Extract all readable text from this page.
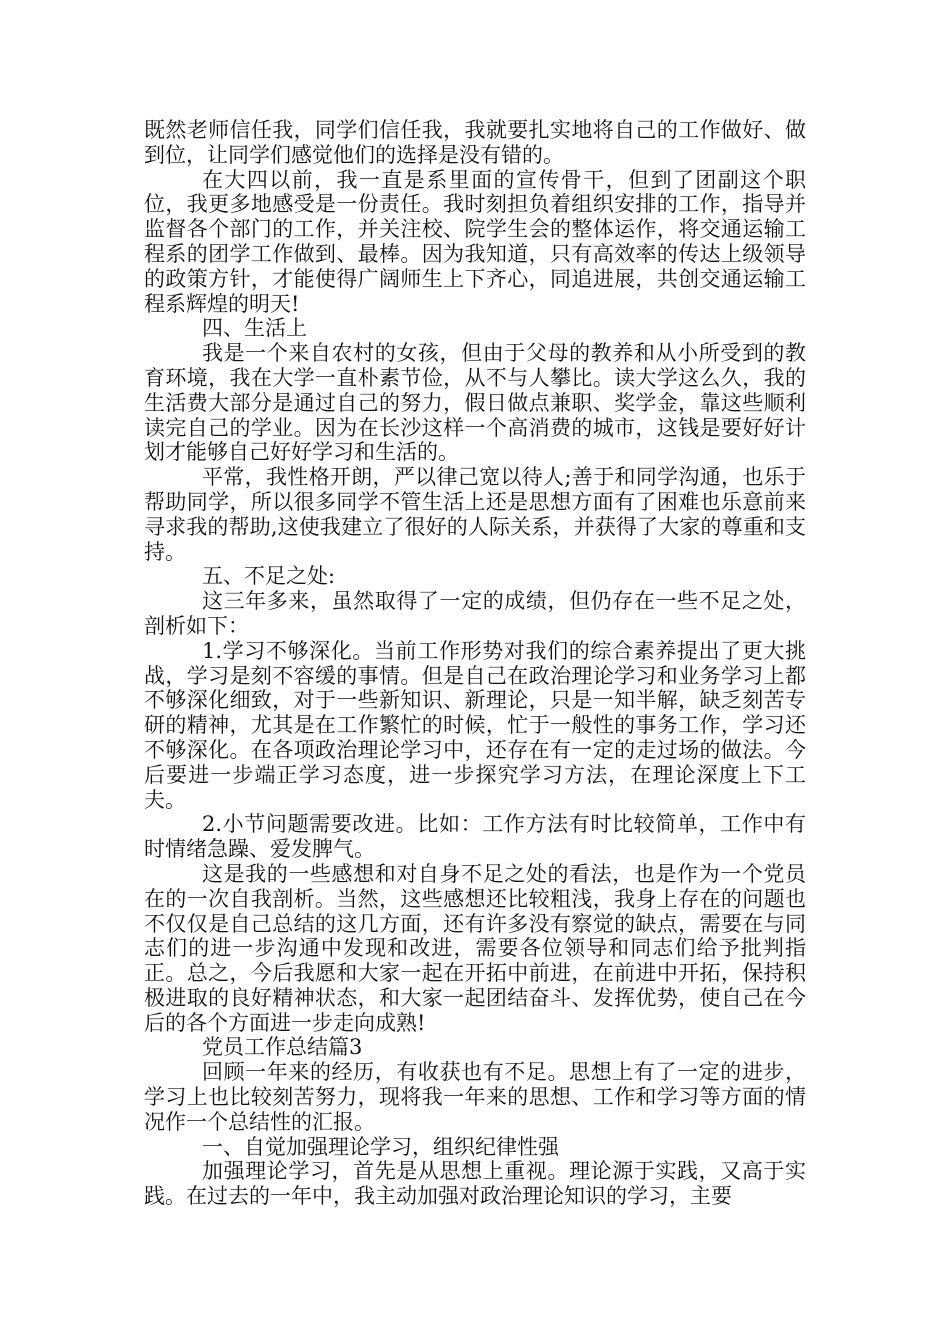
既然老师信任我，同学们信任我，我就要扎实地将自己的工作做好、做到位，让同学们感觉他们的选择是没有错的。

在大四以前，我一直是系里面的宣传骨干，但到了团副这个职位，我更多地感受是一份责任。我时刻担负着组织安排的工作，指导并监督各个部门的工作，并关注校、院学生会的整体运作，将交通运输工程系的团学工作做到、最棒。因为我知道，只有高效率的传达上级领导的政策方针，才能使得广阔师生上下齐心，同追进展，共创交通运输工程系辉煌的明天!

四、生活上

我是一个来自农村的女孩，但由于父母的教养和从小所受到的教育环境，我在大学一直朴素节俭，从不与人攀比。读大学这么久，我的生活费大部分是通过自己的努力，假日做点兼职、奖学金，靠这些顺利读完自己的学业。因为在长沙这样一个高消费的城市，这钱是要好好计划才能够自己好好学习和生活的。

平常，我性格开朗，严以律己宽以待人;善于和同学沟通，也乐于帮助同学，所以很多同学不管生活上还是思想方面有了困难也乐意前来寻求我的帮助,这使我建立了很好的人际关系，并获得了大家的尊重和支持。

五、不足之处:

这三年多来，虽然取得了一定的成绩，但仍存在一些不足之处，剖析如下：

1.学习不够深化。当前工作形势对我们的综合素养提出了更大挑战，学习是刻不容缓的事情。但是自己在政治理论学习和业务学习上都不够深化细致，对于一些新知识、新理论，只是一知半解，缺乏刻苦专研的精神，尤其是在工作繁忙的时候，忙于一般性的事务工作，学习还不够深化。在各项政治理论学习中，还存在有一定的走过场的做法。今后要进一步端正学习态度，进一步探究学习方法，在理论深度上下工夫。

2.小节问题需要改进。比如：工作方法有时比较简单，工作中有时情绪急躁、爱发脾气。

这是我的一些感想和对自身不足之处的看法，也是作为一个党员在的一次自我剖析。当然，这些感想还比较粗浅，我身上存在的问题也不仅仅是自己总结的这几方面，还有许多没有察觉的缺点，需要在与同志们的进一步沟通中发现和改进，需要各位领导和同志们给予批判指正。总之，今后我愿和大家一起在开拓中前进，在前进中开拓，保持积极进取的良好精神状态，和大家一起团结奋斗、发挥优势，使自己在今后的各个方面进一步走向成熟!

党员工作总结篇3

回顾一年来的经历，有收获也有不足。思想上有了一定的进步，学习上也比较刻苦努力，现将我一年来的思想、工作和学习等方面的情况作一个总结性的汇报。

一、自觉加强理论学习，组织纪律性强

加强理论学习，首先是从思想上重视。理论源于实践，又高于实践。在过去的一年中，我主动加强对政治理论知识的学习，主要
